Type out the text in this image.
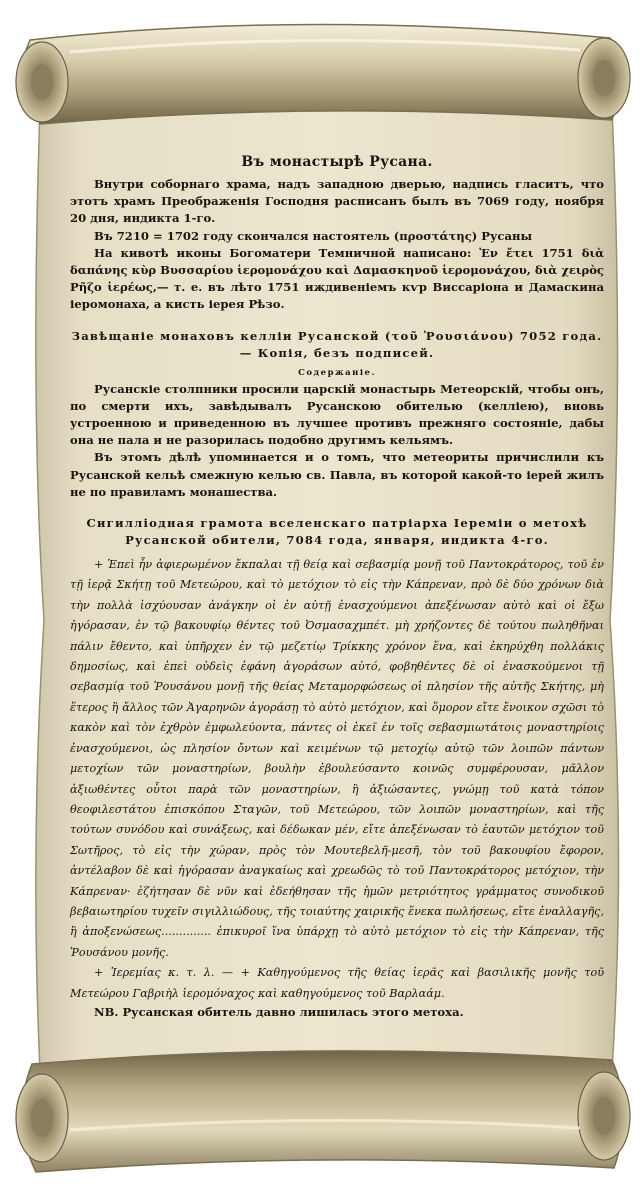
Въ монастырѣ Русана.

Внутри соборнаго храма, надъ западною дверью, надпись гласитъ, что этотъ храмъ Преображенія Господня расписанъ былъ въ 7069 году, ноября 20 дня, индикта 1-го.

Въ 7210 = 1702 году скончался настоятель (προστάτης) Русаны

На кивотѣ иконы Богоматери Темничной написано: Ἐν ἔτει 1751 διὰ δαπάνης κὺρ Βυσσαρίου ἱερομονάχου καὶ Δαμασκηνοῦ ἱερομονάχου, διὰ χειρὸς Ρῆζο ἱερέως,— т. е. въ лѣто 1751 иждивеніемъ кѵр Виссаріона и Дамаскина іеромонаха, а кисть іерея Рѣзо.

Завѣщаніе монаховъ келліи Русанской (τοῦ Ῥουσιάνου) 7052 года. — Копія, безъ подписей.
Содержаніе.

Русанскіе столпники просили царскій монастырь Метеорскій, чтобы онъ, по смерти ихъ, завѣдывалъ Русанскою обителью (келліею), вновь устроенною и приведенною въ лучшее противъ прежняго состояніе, дабы она не пала и не разорилась подобно другимъ кельямъ.

Въ этомъ дѣлѣ упоминается и о томъ, что метеориты причислили къ Русанской кельѣ смежную келью св. Павла, въ которой какой-то іерей жилъ не по правиламъ монашества.

Сигиллiодная грамота вселенскаго патріарха Іереміи о метохѣ Русанской обители, 7084 года, января, индикта 4-го.

+ Ἐπεὶ ἦν ἀφιερωμένον ἔκπαλαι τῇ θείᾳ καὶ σεβασμίᾳ μονῇ τοῦ Παντοκράτορος, τοῦ ἐν τῇ ἱερᾷ Σκήτῃ τοῦ Μετεώρου, καὶ τὸ μετόχιον τὸ εἰς τὴν Κάπρεναν, πρὸ δὲ δύο χρόνων διὰ τὴν πολλὰ ἰσχύουσαν ἀνάγκην οἱ ἐν αὐτῇ ἐνασχούμενοι ἀπεξένωσαν αὐτὸ καὶ οἱ ἔξω ἠγόρασαν, ἐν τῷ βακουφίῳ θέντες τοῦ Ὀσμασαχμπέτ. μὴ χρήζοντες δὲ τούτου πωληθῆναι πάλιν ἔθεντο, καὶ ὑπῆρχεν ἐν τῷ μεζετίῳ Τρίκκης χρόνον ἕνα, καὶ ἐκηρύχθη πολλάκις δημοσίως, καὶ ἐπεὶ οὐδεὶς ἐφάνη ἀγοράσων αὐτό, φοβηθέντες δὲ οἱ ἐνασκούμενοι τῇ σεβασμίᾳ τοῦ Ῥουσάνου μονῇ τῆς θείας Μεταμορφώσεως οἱ πλησίον τῆς αὐτῆς Σκήτης, μὴ ἕτερος ἢ ἄλλος τῶν Ἀγαρηνῶν ἀγοράσῃ τὸ αὐτὸ μετόχιον, καὶ ὅμορον εἴτε ἔνοικον σχῶσι τὸ κακὸν καὶ τὸν ἐχθρὸν ἐμφωλεύοντα, πάντες οἱ ἐκεῖ ἐν τοῖς σεβασμιωτάτοις μοναστηρίοις ἐνασχούμενοι, ὡς πλησίον ὄντων καὶ κειμένων τῷ μετοχίῳ αὐτῷ τῶν λοιπῶν πάντων μετοχίων τῶν μοναστηρίων, βουλὴν ἐβουλεύσαντο κοινῶς συμφέρουσαν, μᾶλλον ἀξιωθέντες οὗτοι παρὰ τῶν μοναστηρίων, ἢ ἀξιώσαντες, γνώμῃ τοῦ κατὰ τόπον θεοφιλεστάτου ἐπισκόπου Σταγῶν, τοῦ Μετεώρου, τῶν λοιπῶν μοναστηρίων, καὶ τῆς τούτων συνόδου καὶ συνάξεως, καὶ δέδωκαν μέν, εἴτε ἀπεξένωσαν τὸ ἑαυτῶν μετόχιον τοῦ Σωτῆρος, τὸ εἰς τὴν χώραν, πρὸς τὸν Μουτεβελῆ-μεσῆ, τὸν τοῦ βακουφίου ἔφορον, ἀντέλαβον δὲ καὶ ἠγόρασαν ἀναγκαίως καὶ χρεωδῶς τὸ τοῦ Παντοκράτορος μετόχιον, τὴν Κάπρεναν· ἐζήτησαν δὲ νῦν καὶ ἐδεήθησαν τῆς ἡμῶν μετριότητος γράμματος συνοδικοῦ βεβαιωτηρίου τυχεῖν σιγιλλιώδους, τῆς τοιαύτης χαιρικῆς ἕνεκα πωλήσεως, εἴτε ἐναλλαγῆς, ἢ ἀποξενώσεως.............. ἐπικυροῖ ἵνα ὑπάρχῃ τὸ αὐτὸ μετόχιον τὸ εἰς τὴν Κάπρεναν, τῆς Ῥουσάνου μονῆς.

+ Ἱερεμίας κ. τ. λ. — + Καθηγούμενος τῆς θείας ἱερᾶς καὶ βασιλικῆς μονῆς τοῦ Μετεώρου Γαβριὴλ ἱερομόναχος καὶ καθηγούμενος τοῦ Βαρλαάμ.

NB. Русанская обитель давно лишилась этого метоха.
